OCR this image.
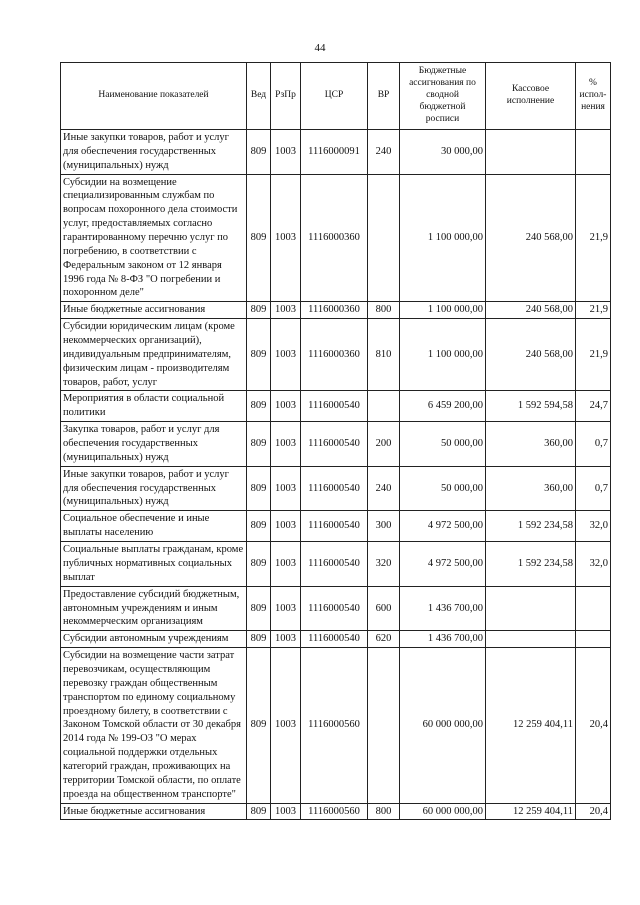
44
Наименование показателей	Вед	РзПр	ЦСР	ВР	Бюджетные ассигнования по сводной бюджетной росписи	Кассовое исполнение	% испол- нения
Иные закупки товаров, работ и услуг для обеспечения государственных (муниципальных) нужд	809	1003	1116000091	240	30 000,00		
Субсидии на возмещение специализированным службам по вопросам похоронного дела стоимости услуг, предоставляемых согласно гарантированному перечню услуг по погребению, в соответствии с Федеральным законом от 12 января 1996 года № 8-ФЗ "О погребении и похоронном деле"	809	1003	1116000360		1 100 000,00	240 568,00	21,9
Иные бюджетные ассигнования	809	1003	1116000360	800	1 100 000,00	240 568,00	21,9
Субсидии юридическим лицам (кроме некоммерческих организаций), индивидуальным предпринимателям, физическим лицам - производителям товаров, работ, услуг	809	1003	1116000360	810	1 100 000,00	240 568,00	21,9
Мероприятия в области социальной политики	809	1003	1116000540		6 459 200,00	1 592 594,58	24,7
Закупка товаров, работ и услуг для обеспечения государственных (муниципальных) нужд	809	1003	1116000540	200	50 000,00	360,00	0,7
Иные закупки товаров, работ и услуг для обеспечения государственных (муниципальных) нужд	809	1003	1116000540	240	50 000,00	360,00	0,7
Социальное обеспечение и иные выплаты населению	809	1003	1116000540	300	4 972 500,00	1 592 234,58	32,0
Социальные выплаты гражданам, кроме публичных нормативных социальных выплат	809	1003	1116000540	320	4 972 500,00	1 592 234,58	32,0
Предоставление субсидий бюджетным, автономным учреждениям и иным некоммерческим организациям	809	1003	1116000540	600	1 436 700,00		
Субсидии автономным учреждениям	809	1003	1116000540	620	1 436 700,00		
Субсидии на возмещение части затрат перевозчикам, осуществляющим перевозку граждан общественным транспортом по единому социальному проездному билету, в соответствии с Законом Томской области от 30 декабря 2014 года № 199-ОЗ "О мерах социальной поддержки отдельных категорий граждан, проживающих на территории Томской области, по оплате проезда на общественном транспорте"	809	1003	1116000560		60 000 000,00	12 259 404,11	20,4
Иные бюджетные ассигнования	809	1003	1116000560	800	60 000 000,00	12 259 404,11	20,4
